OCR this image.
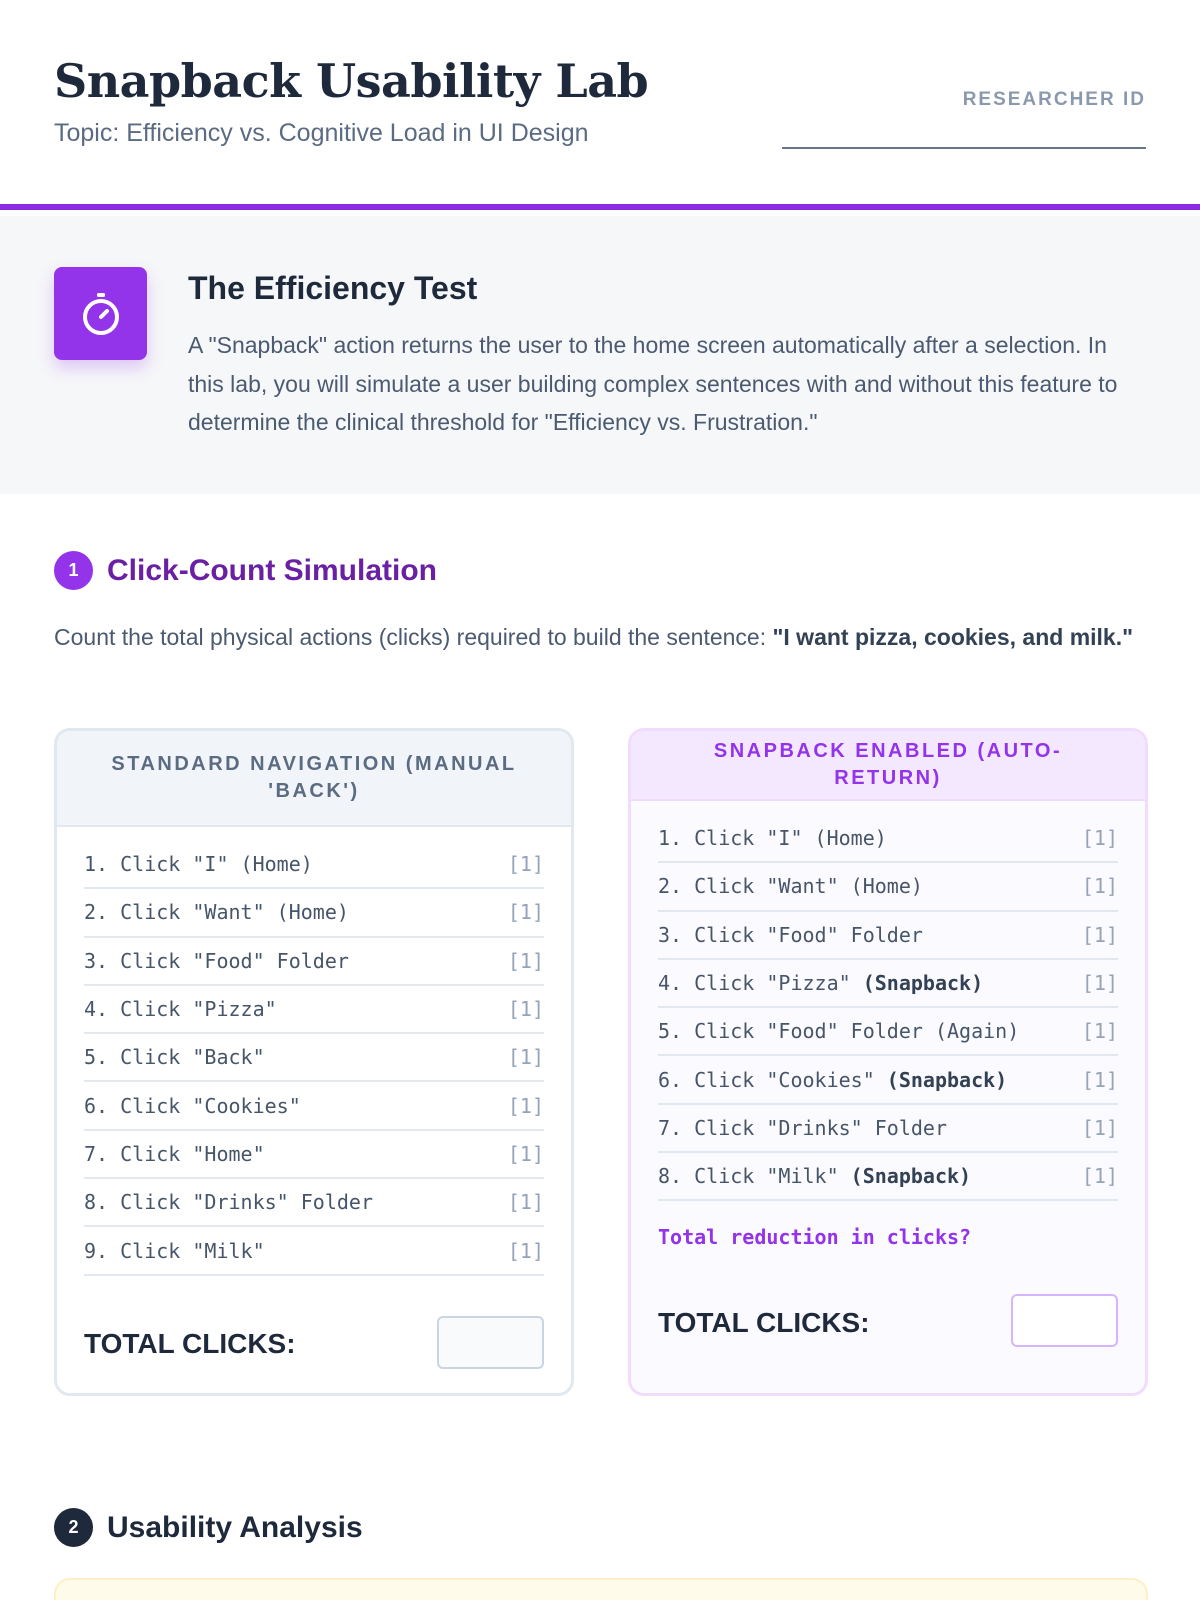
Snapback Usability Lab
Topic: Efficiency vs. Cognitive Load in UI Design
RESEARCHER ID
The Efficiency Test

A "Snapback" action returns the user to the home screen automatically after a selection. In this lab, you will simulate a user building complex sentences with and without this feature to determine the clinical threshold for "Efficiency vs. Frustration."

1 Click-Count Simulation

Count the total physical actions (clicks) required to build the sentence: "I want pizza, cookies, and milk."

STANDARD NAVIGATION (MANUAL 'BACK')
1. Click "I" (Home)	[1]
2. Click "Want" (Home)	[1]
3. Click "Food" Folder	[1]
4. Click "Pizza"	[1]
5. Click "Back"	[1]
6. Click "Cookies"	[1]
7. Click "Home"	[1]
8. Click "Drinks" Folder	[1]
9. Click "Milk"	[1]
TOTAL CLICKS:
SNAPBACK ENABLED (AUTO-RETURN)
1. Click "I" (Home)	[1]
2. Click "Want" (Home)	[1]
3. Click "Food" Folder	[1]
4. Click "Pizza" (Snapback)	[1]
5. Click "Food" Folder (Again)	[1]
6. Click "Cookies" (Snapback)	[1]
7. Click "Drinks" Folder	[1]
8. Click "Milk" (Snapback)	[1]
Total reduction in clicks?
TOTAL CLICKS:
2 Usability Analysis
